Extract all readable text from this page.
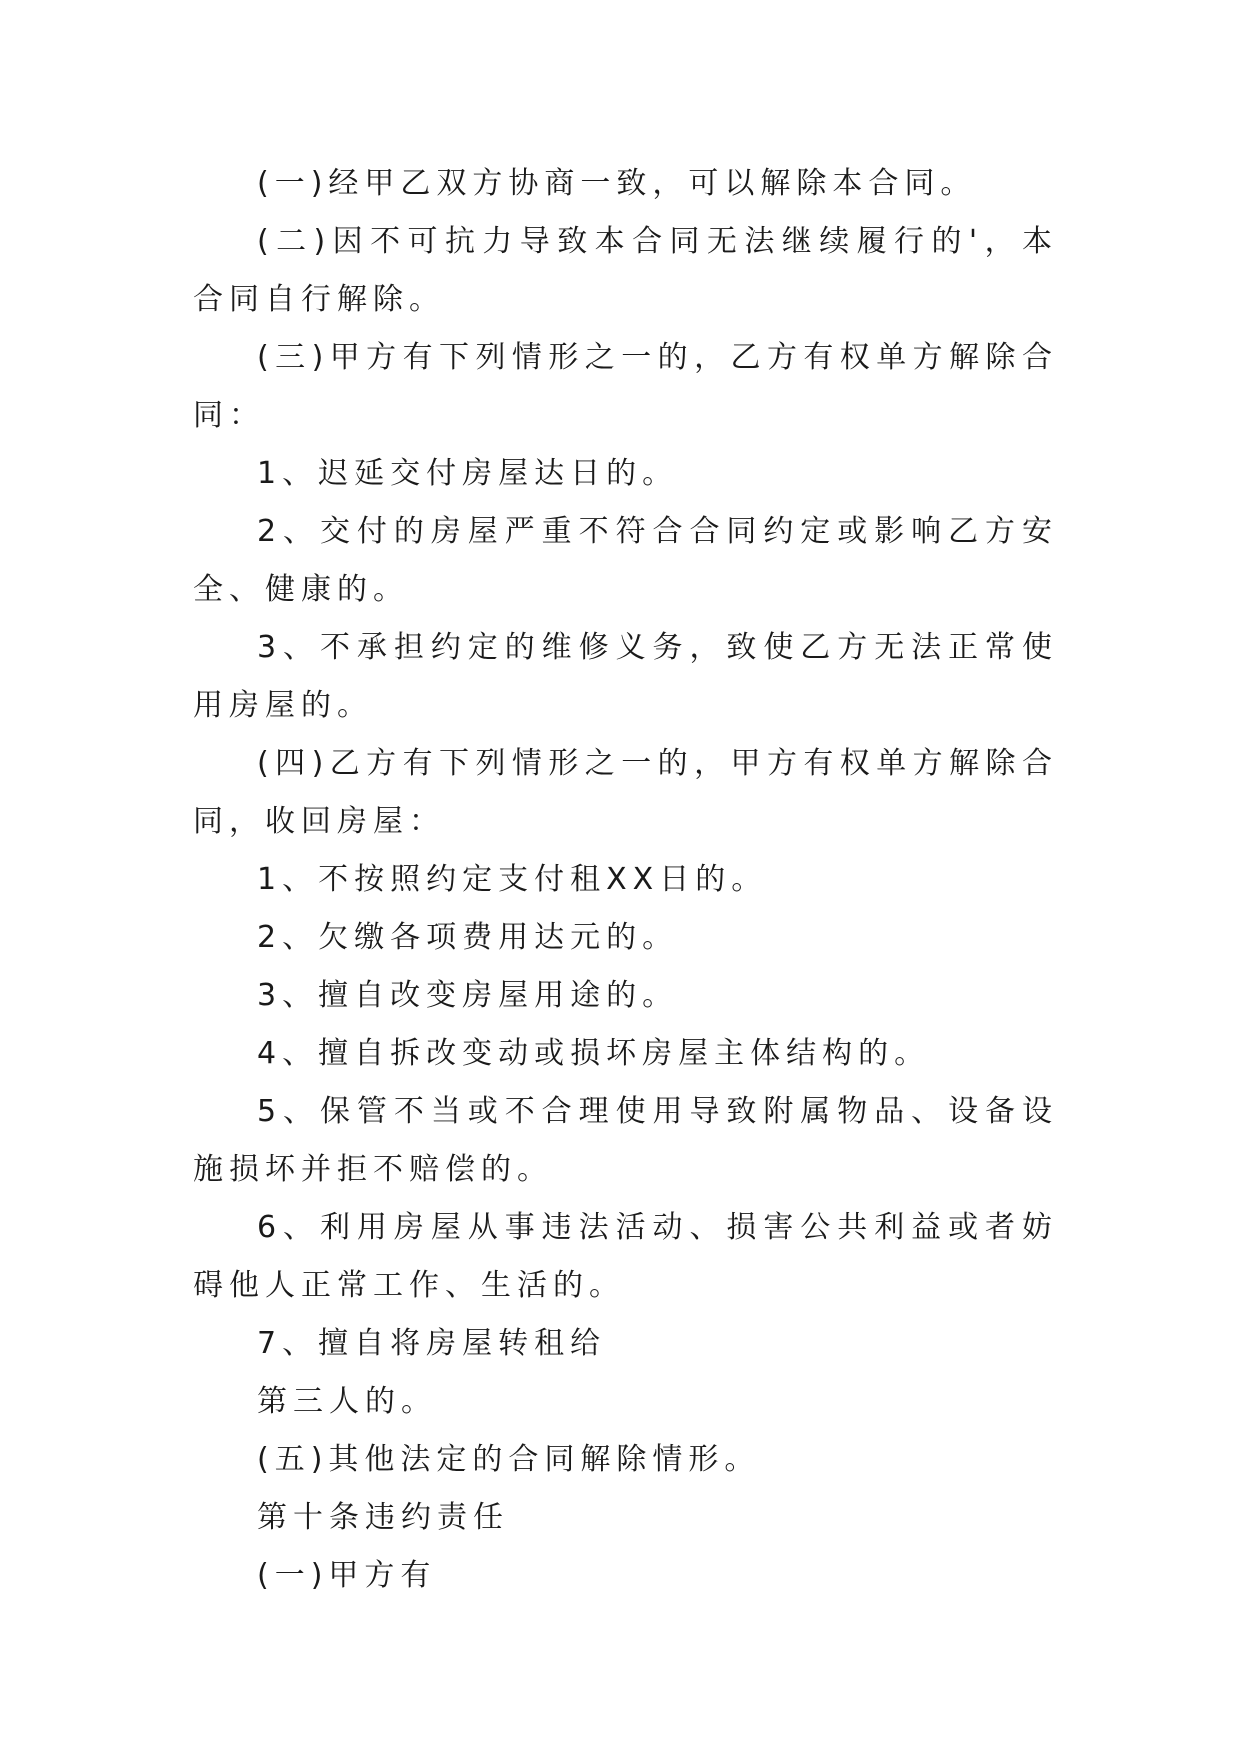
(一)经甲乙双方协商一致，可以解除本合同。

(二)因不可抗力导致本合同无法继续履行的'，本合同自行解除。

(三)甲方有下列情形之一的，乙方有权单方解除合同：

1、迟延交付房屋达日的。

2、交付的房屋严重不符合合同约定或影响乙方安全、健康的。

3、不承担约定的维修义务，致使乙方无法正常使用房屋的。

(四)乙方有下列情形之一的，甲方有权单方解除合同，收回房屋：

1、不按照约定支付租XX日的。

2、欠缴各项费用达元的。

3、擅自改变房屋用途的。

4、擅自拆改变动或损坏房屋主体结构的。

5、保管不当或不合理使用导致附属物品、设备设施损坏并拒不赔偿的。

6、利用房屋从事违法活动、损害公共利益或者妨碍他人正常工作、生活的。

7、擅自将房屋转租给

第三人的。

(五)其他法定的合同解除情形。

第十条违约责任

(一)甲方有
